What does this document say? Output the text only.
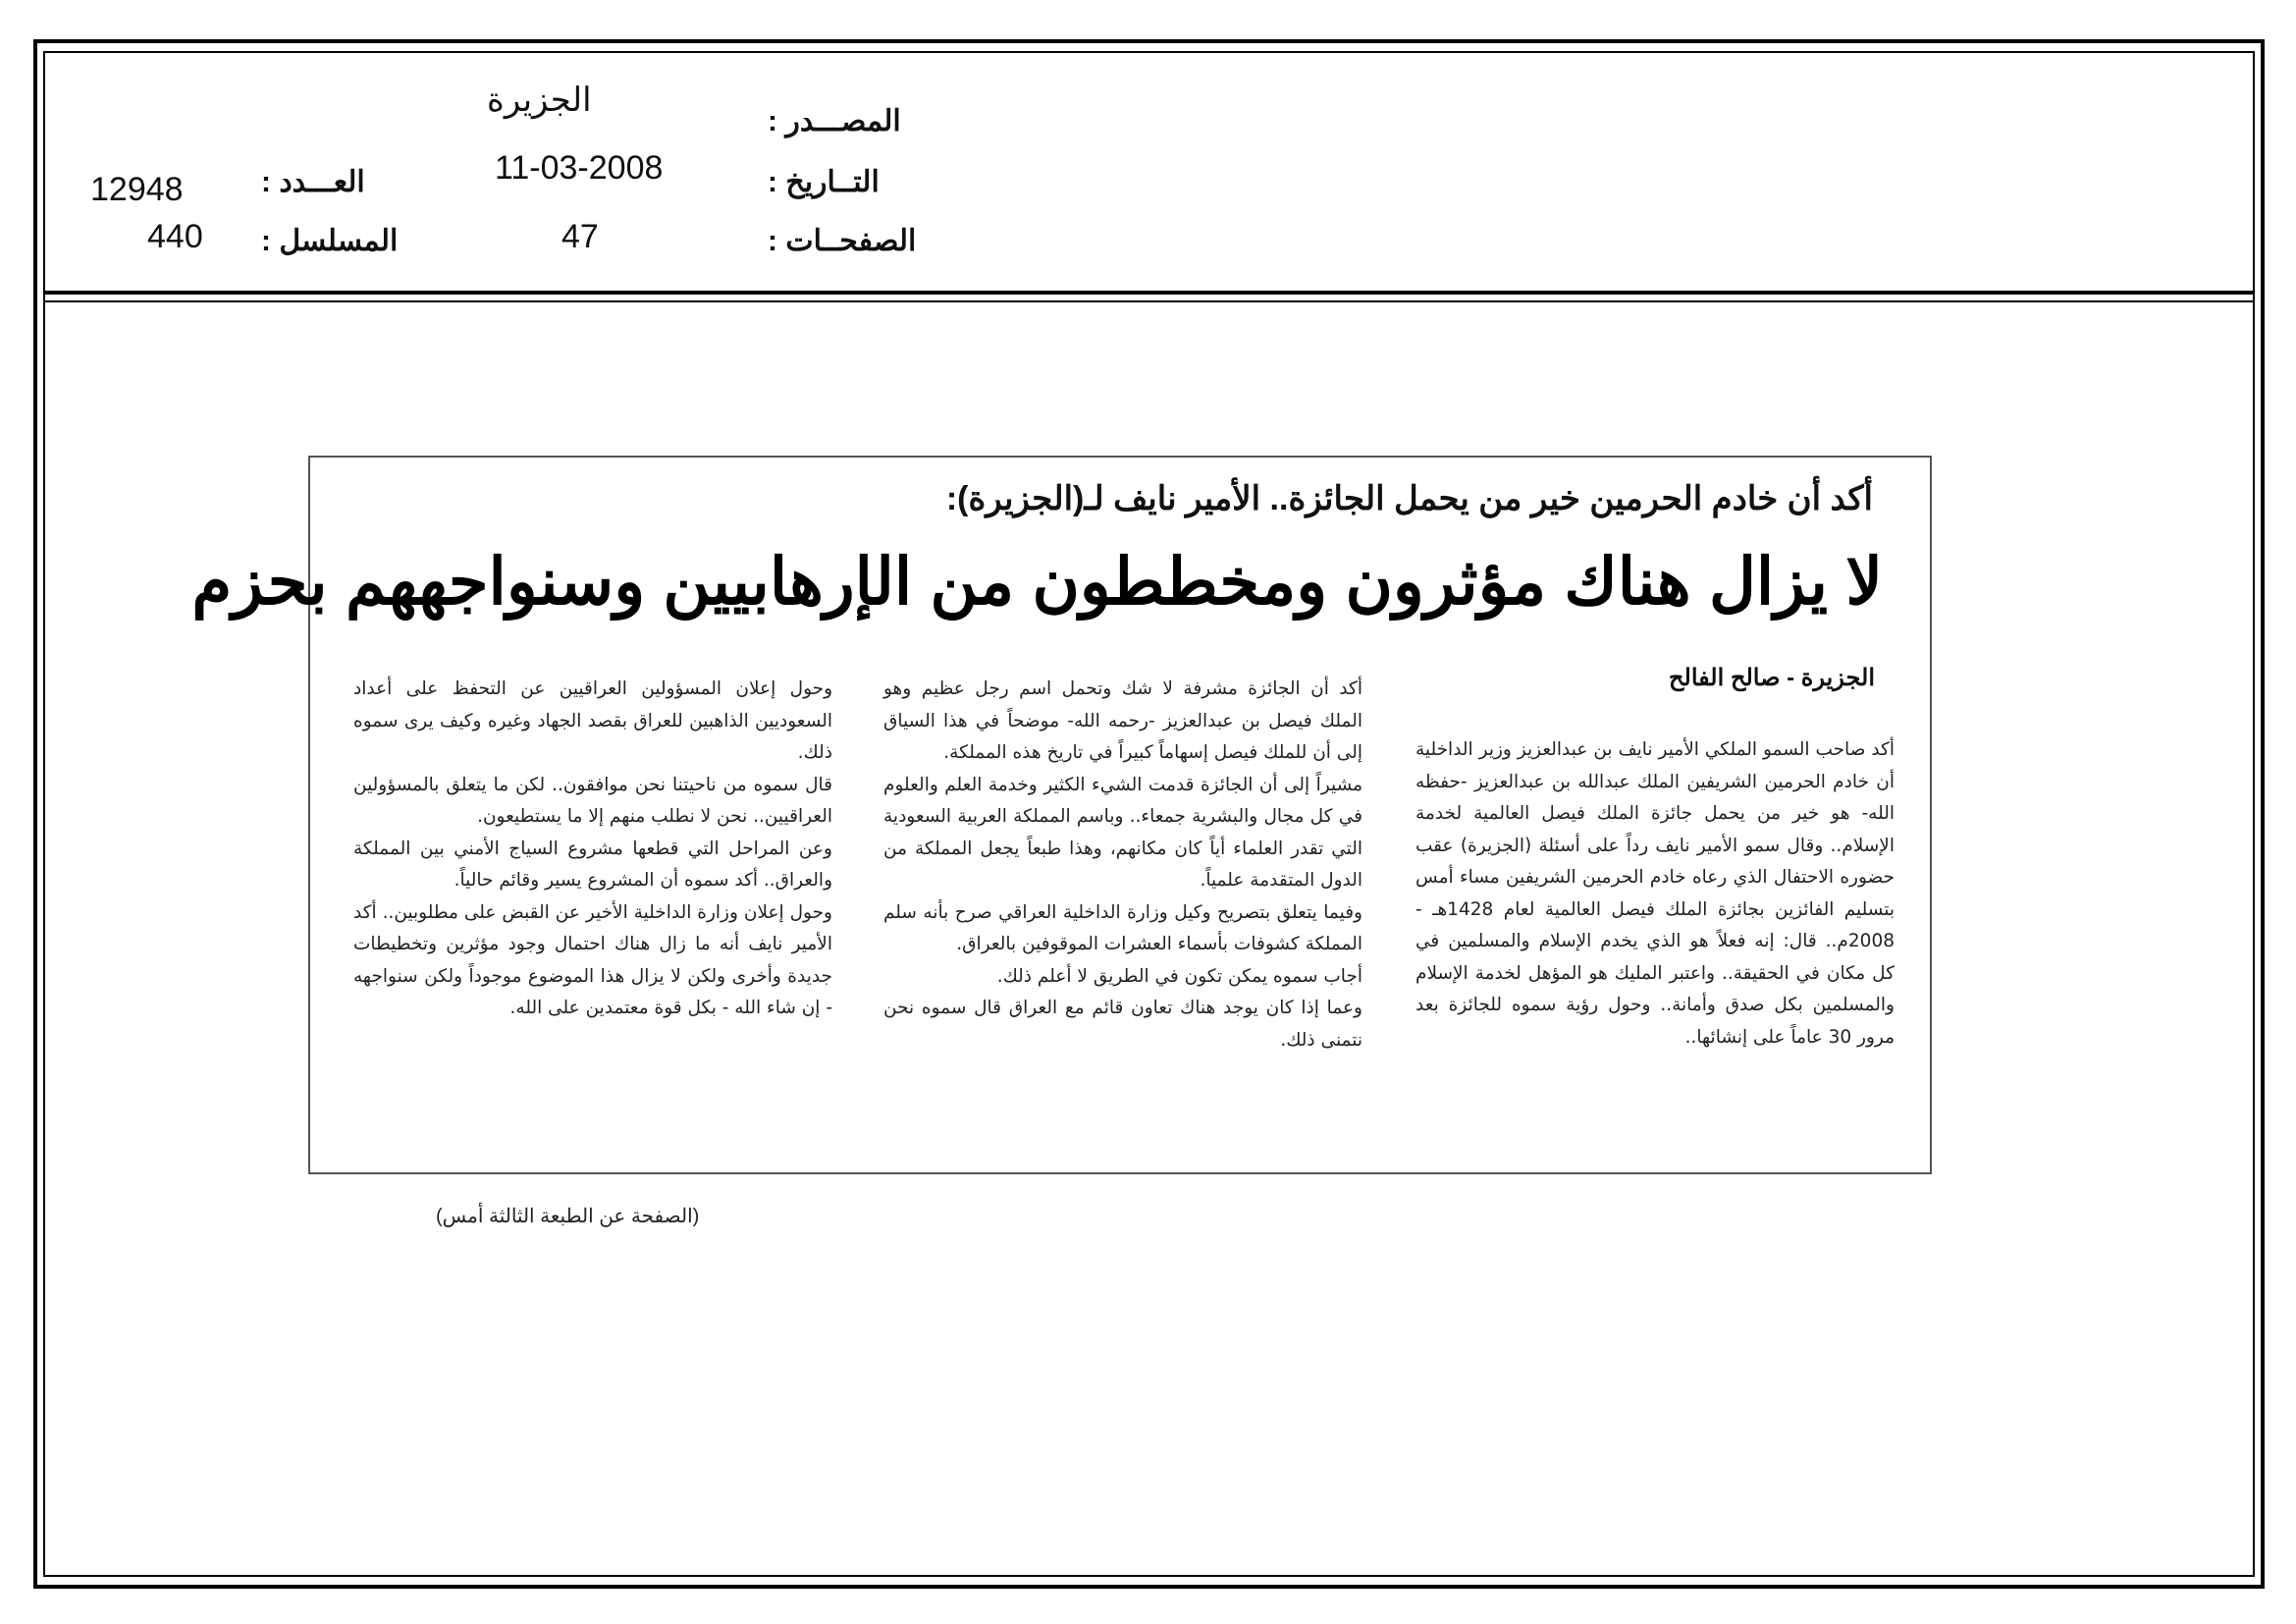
المصـــدر :
الجزيرة
التــاريخ :
11-03-2008
الصفحــات :
47
العـــدد :
12948
المسلسل :
440
أكد أن خادم الحرمين خير من يحمل الجائزة.. الأمير نايف لـ(الجزيرة):
لا يزال هناك مؤثرون ومخططون من الإرهابيين وسنواجههم بحزم
الجزيرة - صالح الفالح

أكد صاحب السمو الملكي الأمير نايف بن عبدالعزيز وزير الداخلية أن خادم الحرمين الشريفين الملك عبدالله بن عبدالعزيز -حفظه الله- هو خير من يحمل جائزة الملك فيصل العالمية لخدمة الإسلام.. وقال سمو الأمير نايف رداً على أسئلة (الجزيرة) عقب حضوره الاحتفال الذي رعاه خادم الحرمين الشريفين مساء أمس بتسليم الفائزين بجائزة الملك فيصل العالمية لعام 1428هـ - 2008م.. قال: إنه فعلاً هو الذي يخدم الإسلام والمسلمين في كل مكان في الحقيقة.. واعتبر المليك هو المؤهل لخدمة الإسلام والمسلمين بكل صدق وأمانة.. وحول رؤية سموه للجائزة بعد مرور 30 عاماً على إنشائها..

أكد أن الجائزة مشرفة لا شك وتحمل اسم رجل عظيم وهو الملك فيصل بن عبدالعزيز -رحمه الله- موضحاً في هذا السياق إلى أن للملك فيصل إسهاماً كبيراً في تاريخ هذه المملكة.

مشيراً إلى أن الجائزة قدمت الشيء الكثير وخدمة العلم والعلوم في كل مجال والبشرية جمعاء.. وباسم المملكة العربية السعودية التي تقدر العلماء أياً كان مكانهم، وهذا طبعاً يجعل المملكة من الدول المتقدمة علمياً.

وفيما يتعلق بتصريح وكيل وزارة الداخلية العراقي صرح بأنه سلم المملكة كشوفات بأسماء العشرات الموقوفين بالعراق.

أجاب سموه يمكن تكون في الطريق لا أعلم ذلك.

وعما إذا كان يوجد هناك تعاون قائم مع العراق قال سموه نحن نتمنى ذلك.

وحول إعلان المسؤولين العراقيين عن التحفظ على أعداد السعوديين الذاهبين للعراق بقصد الجهاد وغيره وكيف يرى سموه ذلك.

قال سموه من ناحيتنا نحن موافقون.. لكن ما يتعلق بالمسؤولين العراقيين.. نحن لا نطلب منهم إلا ما يستطيعون.

وعن المراحل التي قطعها مشروع السياج الأمني بين المملكة والعراق.. أكد سموه أن المشروع يسير وقائم حالياً.

وحول إعلان وزارة الداخلية الأخير عن القبض على مطلوبين.. أكد الأمير نايف أنه ما زال هناك احتمال وجود مؤثرين وتخطيطات جديدة وأخرى ولكن لا يزال هذا الموضوع موجوداً ولكن سنواجهه - إن شاء الله - بكل قوة معتمدين على الله.

(الصفحة عن الطبعة الثالثة أمس)
